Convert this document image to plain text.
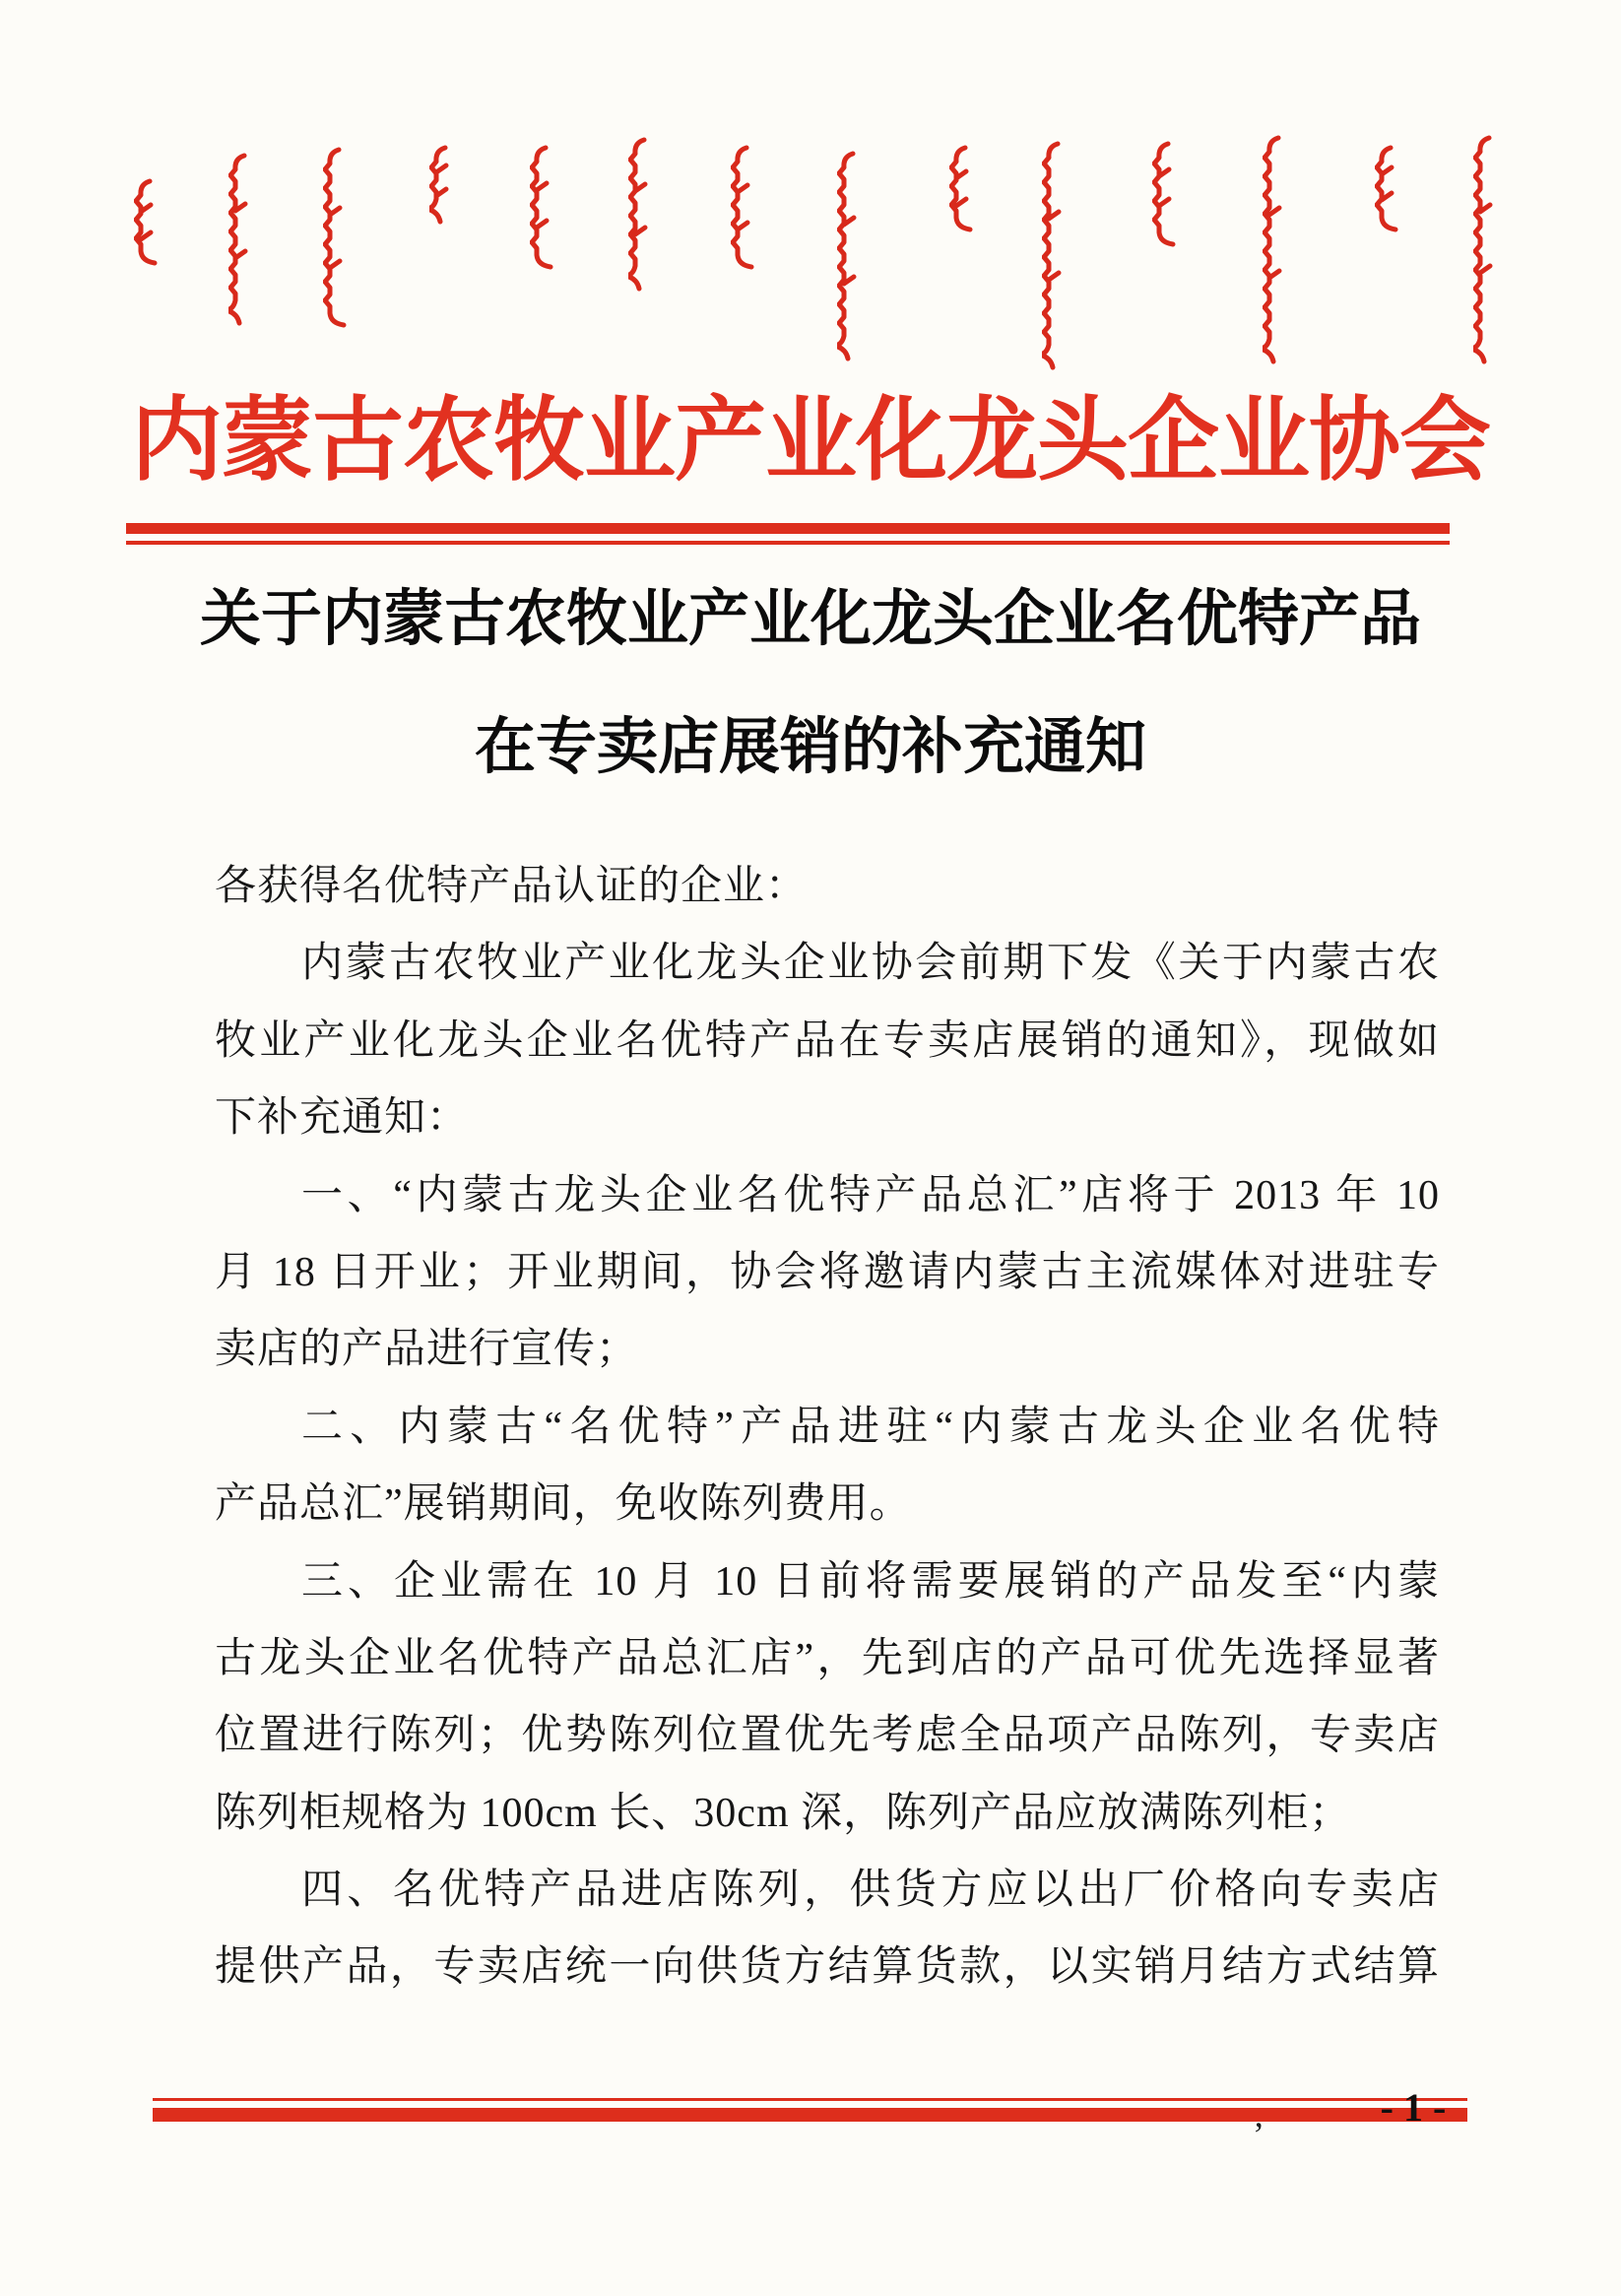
内蒙古农牧业产业化龙头企业协会
关于内蒙古农牧业产业化龙头企业名优特产品
在专卖店展销的补充通知
各获得名优特产品认证的企业：
内蒙古农牧业产业化龙头企业协会前期下发《关于内蒙古农
牧业产业化龙头企业名优特产品在专卖店展销的通知》，现做如
下补充通知：
一、“内蒙古龙头企业名优特产品总汇”店将于 2013 年 10
月 18 日开业；开业期间，协会将邀请内蒙古主流媒体对进驻专
卖店的产品进行宣传；
二、内蒙古“名优特”产品进驻“内蒙古龙头企业名优特
产品总汇”展销期间，免收陈列费用。
三、企业需在 10 月 10 日前将需要展销的产品发至“内蒙
古龙头企业名优特产品总汇店”，先到店的产品可优先选择显著
位置进行陈列；优势陈列位置优先考虑全品项产品陈列，专卖店
陈列柜规格为 100cm 长、30cm 深，陈列产品应放满陈列柜；
四、名优特产品进店陈列，供货方应以出厂价格向专卖店
提供产品，专卖店统一向供货方结算货款，以实销月结方式结算
- 1 -
’
